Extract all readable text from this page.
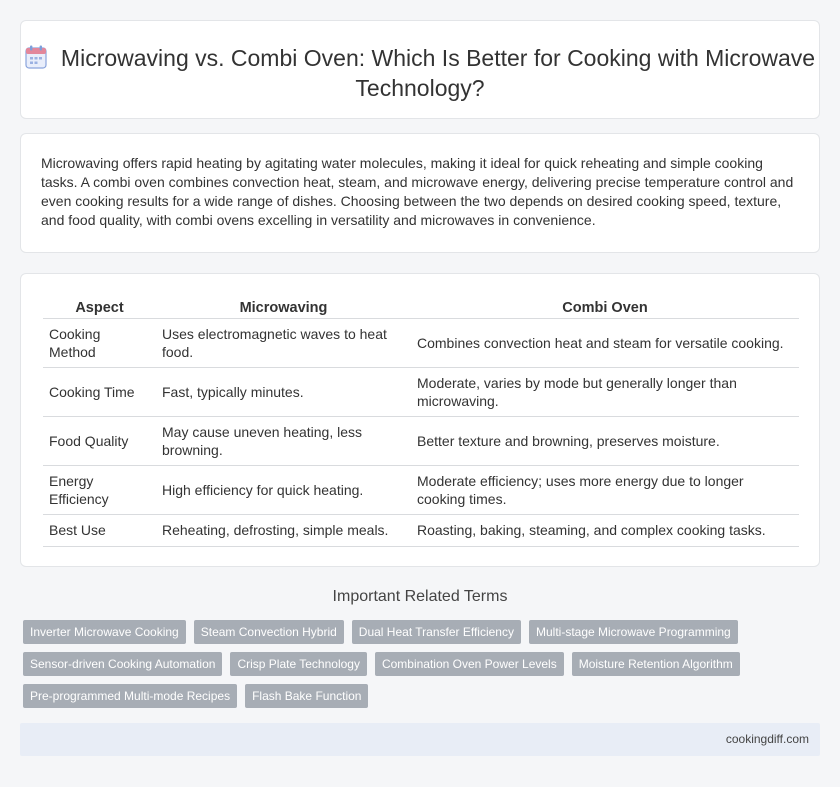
Microwaving vs. Combi Oven: Which Is Better for Cooking with Microwave Technology?

Microwaving offers rapid heating by agitating water molecules, making it ideal for quick reheating and simple cooking tasks. A combi oven combines convection heat, steam, and microwave energy, delivering precise temperature control and even cooking results for a wide range of dishes. Choosing between the two depends on desired cooking speed, texture, and food quality, with combi ovens excelling in versatility and microwaves in convenience.

Aspect	Microwaving	Combi Oven
Cooking Method	Uses electromagnetic waves to heat food.	Combines convection heat and steam for versatile cooking.
Cooking Time	Fast, typically minutes.	Moderate, varies by mode but generally longer than microwaving.
Food Quality	May cause uneven heating, less browning.	Better texture and browning, preserves moisture.
Energy Efficiency	High efficiency for quick heating.	Moderate efficiency; uses more energy due to longer cooking times.
Best Use	Reheating, defrosting, simple meals.	Roasting, baking, steaming, and complex cooking tasks.
Important Related Terms
Inverter Microwave Cooking	Steam Convection Hybrid	Dual Heat Transfer Efficiency	Multi-stage Microwave Programming
Sensor-driven Cooking Automation	Crisp Plate Technology	Combination Oven Power Levels	Moisture Retention Algorithm
Pre-programmed Multi-mode Recipes	Flash Bake Function
cookingdiff.com
